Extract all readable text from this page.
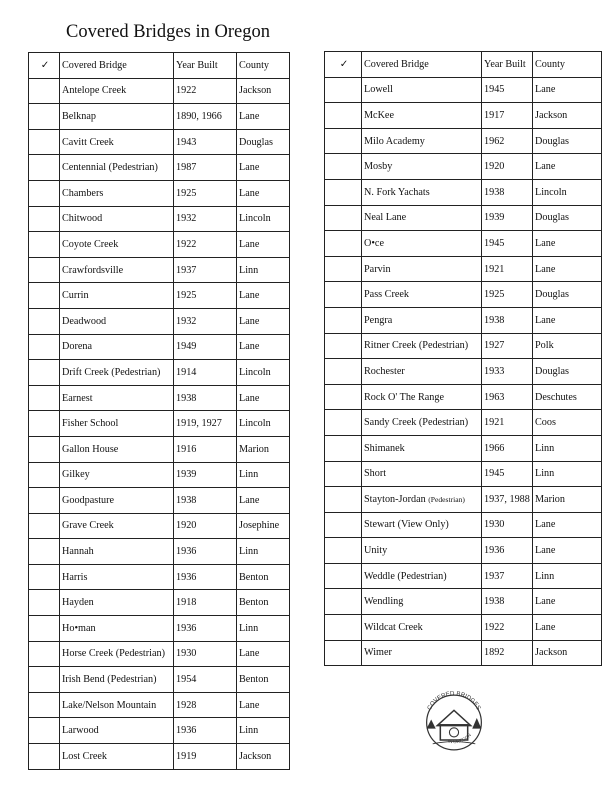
Covered Bridges in Oregon
✓	Covered Bridge	Year Built	County
	Antelope Creek	1922	Jackson
	Belknap	1890, 1966	Lane
	Cavitt Creek	1943	Douglas
	Centennial (Pedestrian)	1987	Lane
	Chambers	1925	Lane
	Chitwood	1932	Lincoln
	Coyote Creek	1922	Lane
	Crawfordsville	1937	Linn
	Currin	1925	Lane
	Deadwood	1932	Lane
	Dorena	1949	Lane
	Drift Creek (Pedestrian)	1914	Lincoln
	Earnest	1938	Lane
	Fisher School	1919, 1927	Lincoln
	Gallon House	1916	Marion
	Gilkey	1939	Linn
	Goodpasture	1938	Lane
	Grave Creek	1920	Josephine
	Hannah	1936	Linn
	Harris	1936	Benton
	Hayden	1918	Benton
	Ho•man	1936	Linn
	Horse Creek (Pedestrian)	1930	Lane
	Irish Bend (Pedestrian)	1954	Benton
	Lake/Nelson Mountain	1928	Lane
	Larwood	1936	Linn
	Lost Creek	1919	Jackson
✓	Covered Bridge	Year Built	County
	Lowell	1945	Lane
	McKee	1917	Jackson
	Milo Academy	1962	Douglas
	Mosby	1920	Lane
	N. Fork Yachats	1938	Lincoln
	Neal Lane	1939	Douglas
	O•ce	1945	Lane
	Parvin	1921	Lane
	Pass Creek	1925	Douglas
	Pengra	1938	Lane
	Ritner Creek (Pedestrian)	1927	Polk
	Rochester	1933	Douglas
	Rock O' The Range	1963	Deschutes
	Sandy Creek (Pedestrian)	1921	Coos
	Shimanek	1966	Linn
	Short	1945	Linn
	Stayton-Jordan (Pedestrian)	1937, 1988	Marion
	Stewart (View Only)	1930	Lane
	Unity	1936	Lane
	Weddle (Pedestrian)	1937	Linn
	Wendling	1938	Lane
	Wildcat Creek	1922	Lane
	Wimer	1892	Jackson
COVERED BRIDGES
IN OREGON
